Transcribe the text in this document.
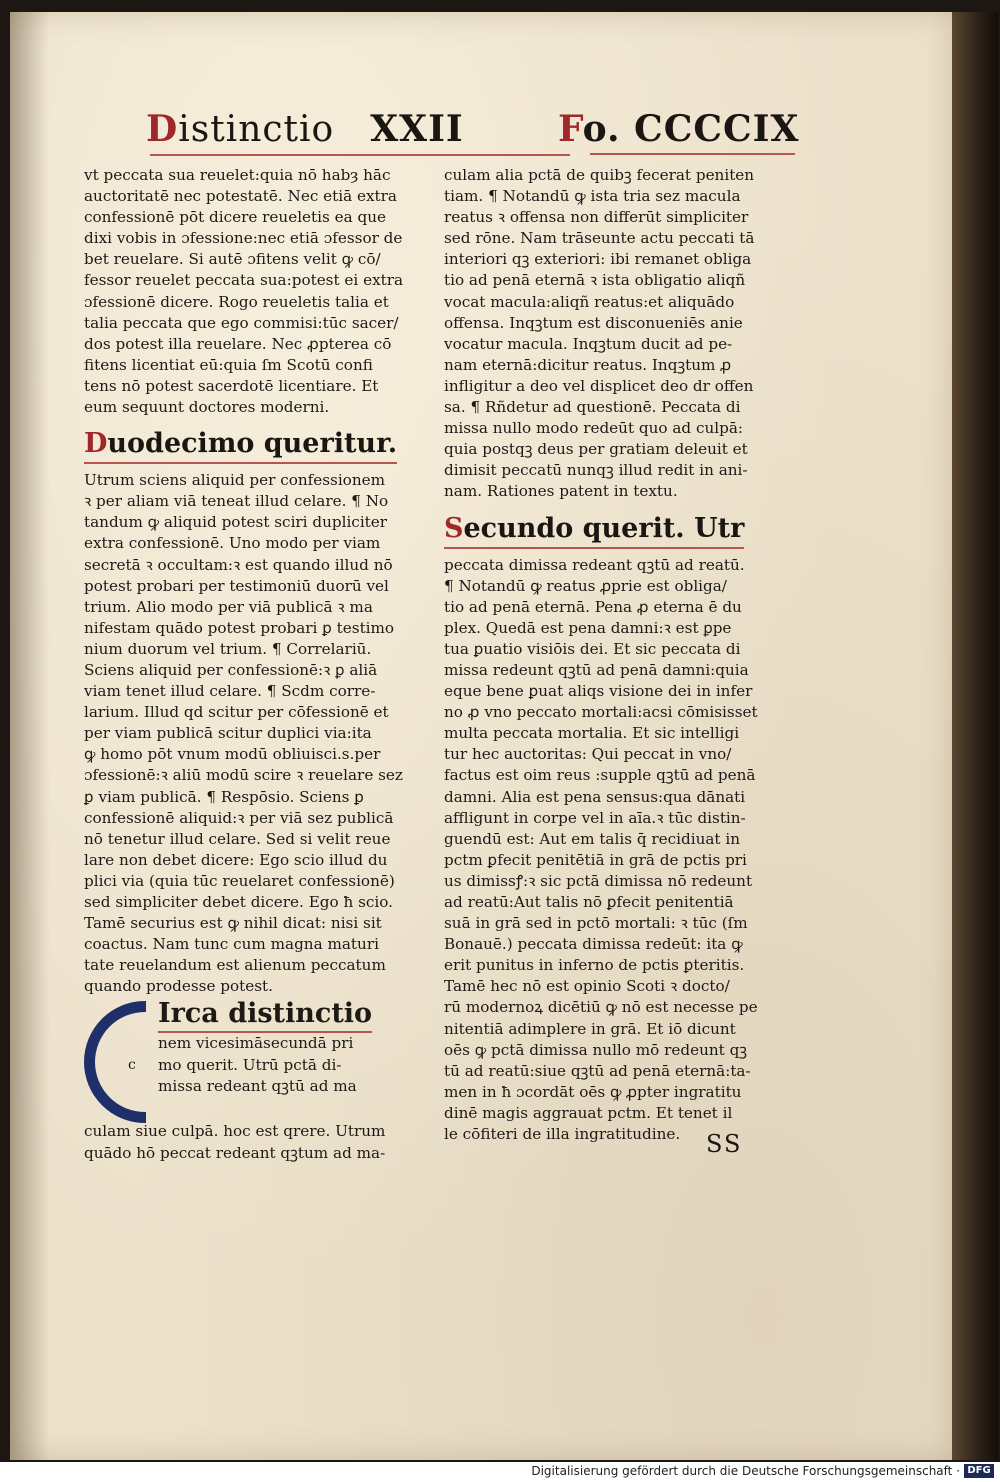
Distinctio XXII	Fo. CCCCIX
vt peccata sua reuelet:quia nō habȝ hāc
auctoritatē nec potestatē. Nec etiā extra
confessionē pōt dicere reueletis ea que
dixi vobis in ɔfessione:nec etiā ɔfessor de
bet reuelare. Si autē ɔfitens velit ꝙ cō/
fessor reuelet peccata sua:potest ei extra
ɔfessionē dicere. Rogo reueletis talia et
talia peccata que ego commisi:tūc sacer/
dos potest illa reuelare. Nec ꝓpterea cō
fitens licentiat eū:quia ſm Scotū confi
tens nō potest sacerdotē licentiare. Et
eum sequunt doctores moderni.
Duodecimo queritur.
Utrum sciens aliquid per confessionem
ꝛ per aliam viā teneat illud celare. ¶ No
tandum ꝙ aliquid potest sciri dupliciter
extra confessionē. Uno modo per viam
secretā ꝛ occultam:ꝛ est quando illud nō
potest probari per testimoniū duorū vel
trium. Alio modo per viā publicā ꝛ ma
nifestam quādo potest probari ꝑ testimo
nium duorum vel trium. ¶ Correlariū.
Sciens aliquid per confessionē:ꝛ ꝑ aliā
viam tenet illud celare. ¶ Scdm corre-
larium. Illud qd scitur per cōfessionē et
per viam publicā scitur duplici via:ita
ꝙ homo pōt vnum modū obliuisci.s.per
ɔfessionē:ꝛ aliū modū scire ꝛ reuelare sez
ꝑ viam publicā. ¶ Respōsio. Sciens ꝑ
confessionē aliquid:ꝛ per viā sez publicā
nō tenetur illud celare. Sed si velit reue
lare non debet dicere: Ego scio illud du
plici via (quia tūc reuelaret confessionē)
sed simpliciter debet dicere. Ego ħ scio.
Tamē securius est ꝙ nihil dicat: nisi sit
coactus. Nam tunc cum magna maturi
tate reuelandum est alienum peccatum
quando prodesse potest.
c
Irca distinctio
nem vicesimāsecundā pri
mo querit. Utrū pctā di-
missa redeant qꝫtū ad ma
culam siue culpā. hoc est qrere. Utrum
quādo hō peccat redeant qꝫtum ad ma-
culam alia pctā de quibꝫ fecerat peniten
tiam. ¶ Notandū ꝙ ista tria sez macula
reatus ꝛ offensa non differūt simpliciter
sed rōne. Nam trāseunte actu peccati tā
interiori qꝫ exteriori: ibi remanet obliga
tio ad penā eternā ꝛ ista obligatio aliqñ
vocat macula:aliqñ reatus:et aliquādo
offensa. Inqꝫtum est disconueniēs anie
vocatur macula. Inqꝫtum ducit ad pe-
nam eternā:dicitur reatus. Inqꝫtum ꝓ
infligitur a deo vel displicet deo dr offen
sa. ¶ Rñdetur ad questionē. Peccata di
missa nullo modo redeūt quo ad culpā:
quia postqꝫ deus per gratiam deleuit et
dimisit peccatū nunqꝫ illud redit in ani-
nam. Rationes patent in textu.
Secundo querit. Utr
peccata dimissa redeant qꝫtū ad reatū.
¶ Notandū ꝙ reatus ꝓprie est obliga/
tio ad penā eternā. Pena ꝓ eterna ē du
plex. Quedā est pena damni:ꝛ est ꝑpe
tua ꝑuatio visiōis dei. Et sic peccata di
missa redeunt qꝫtū ad penā damni:quia
eque bene ꝑuat aliqs visione dei in infer
no ꝓ vno peccato mortali:acsi cōmisisset
multa peccata mortalia. Et sic intelligi
tur hec auctoritas: Qui peccat in vno/
factus est oim reus :supple qꝫtū ad penā
damni. Alia est pena sensus:qua dānati
affligunt in corpe vel in aīa.ꝛ tūc distin-
guendū est: Aut em talis q̄ recidiuat in
pctm ꝑfecit penitētiā in grā de pctis pri
us dimissꝭ:ꝛ sic pctā dimissa nō redeunt
ad reatū:Aut talis nō ꝑfecit penitentiā
suā in grā sed in pctō mortali: ꝛ tūc (ſm
Bonauē.) peccata dimissa redeūt: ita ꝙ
erit punitus in inferno de pctis ꝑteritis.
Tamē hec nō est opinio Scoti ꝛ docto/
rū modernoꝝ dicētiū ꝙ nō est necesse pe
nitentiā adimplere in grā. Et iō dicunt
oēs ꝙ pctā dimissa nullo mō redeunt qꝫ
tū ad reatū:siue qꝫtū ad penā eternā:ta-
men in ħ ɔcordāt oēs ꝙ ꝓpter ingratitu
dinē magis aggrauat pctm. Et tenet il
le cōfiteri de illa ingratitudine.	SS
Digitalisierung gefördert durch die Deutsche Forschungsgemeinschaft · DFG
